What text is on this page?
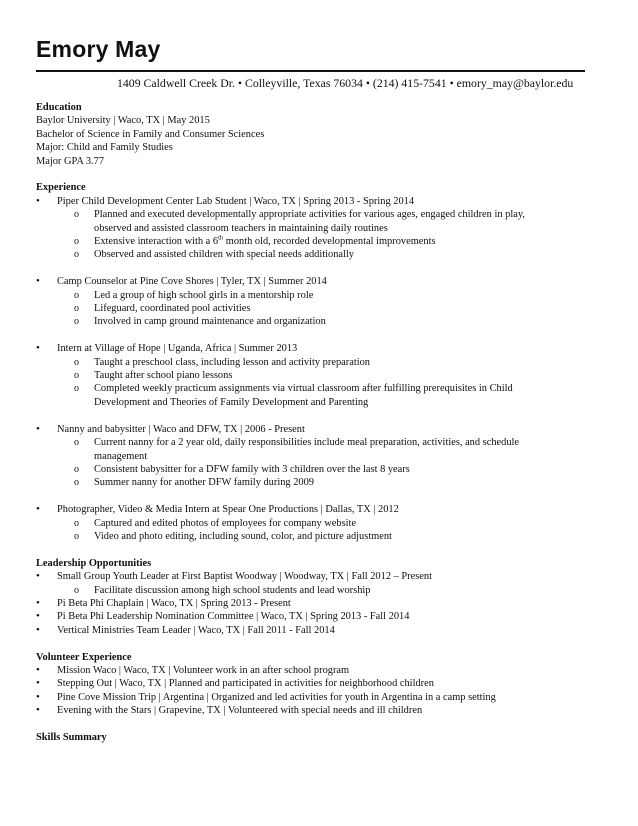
Emory May
1409 Caldwell Creek Dr. • Colleyville, Texas 76034 • (214) 415-7541 • emory_may@baylor.edu
Education
Baylor University | Waco, TX | May 2015
Bachelor of Science in Family and Consumer Sciences
Major: Child and Family Studies
Major GPA 3.77
Experience
•	Piper Child Development Center Lab Student | Waco, TX | Spring 2013 - Spring 2014
o Planned and executed developmentally appropriate activities for various ages, engaged children in play,
observed and assisted classroom teachers in maintaining daily routines
o Extensive interaction with a 6th month old, recorded developmental improvements
o Observed and assisted children with special needs additionally
•	Camp Counselor at Pine Cove Shores | Tyler, TX | Summer 2014
o Led a group of high school girls in a mentorship role
o Lifeguard, coordinated pool activities
o Involved in camp ground maintenance and organization
•	Intern at Village of Hope | Uganda, Africa | Summer 2013
o Taught a preschool class, including lesson and activity preparation
o Taught after school piano lessons
o Completed weekly practicum assignments via virtual classroom after fulfilling prerequisites in Child
Development and Theories of Family Development and Parenting
•	Nanny and babysitter | Waco and DFW, TX | 2006 - Present
o Current nanny for a 2 year old, daily responsibilities include meal preparation, activities, and schedule
management
o Consistent babysitter for a DFW family with 3 children over the last 8 years
o Summer nanny for another DFW family during 2009
•	Photographer, Video & Media Intern at Spear One Productions | Dallas, TX | 2012
o Captured and edited photos of employees for company website
o Video and photo editing, including sound, color, and picture adjustment
Leadership Opportunities
•	Small Group Youth Leader at First Baptist Woodway | Woodway, TX | Fall 2012 – Present
o Facilitate discussion among high school students and lead worship
•	Pi Beta Phi Chaplain | Waco, TX | Spring 2013 - Present
•	Pi Beta Phi Leadership Nomination Committee | Waco, TX | Spring 2013 - Fall 2014
•	Vertical Ministries Team Leader | Waco, TX | Fall 2011 - Fall 2014
Volunteer Experience
•	Mission Waco | Waco, TX | Volunteer work in an after school program
•	Stepping Out | Waco, TX | Planned and participated in activities for neighborhood children
•	Pine Cove Mission Trip | Argentina | Organized and led activities for youth in Argentina in a camp setting
•	Evening with the Stars | Grapevine, TX | Volunteered with special needs and ill children
Skills Summary
